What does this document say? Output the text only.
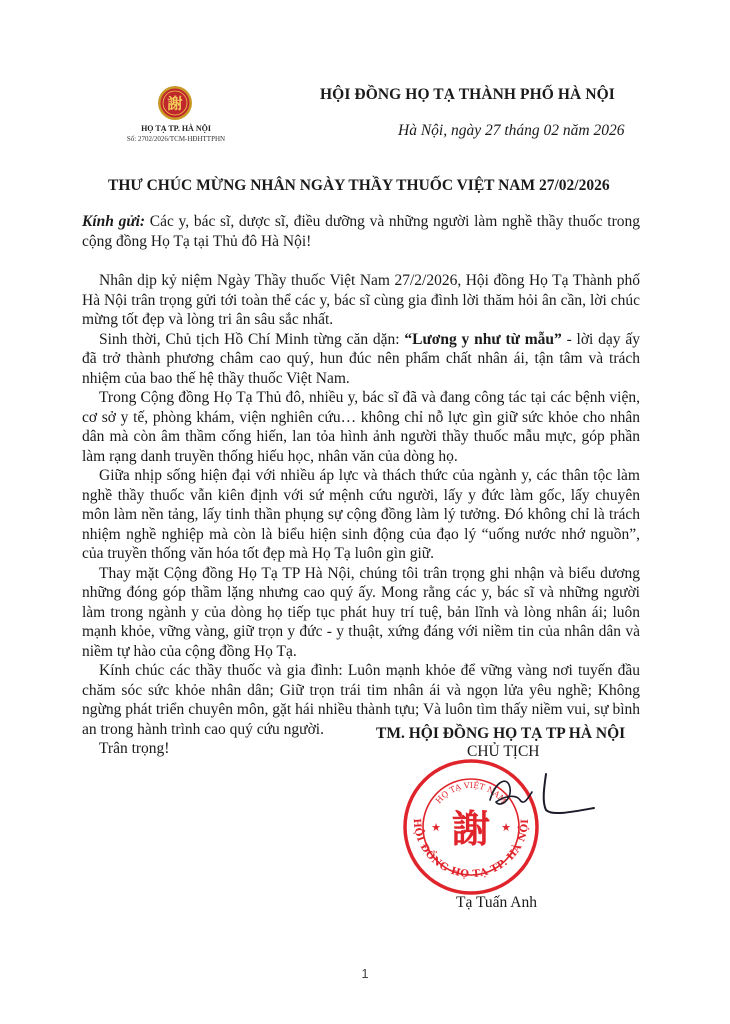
謝
HỌ TẠ TP. HÀ NỘI
Số: 2702/2026/TCM-HĐHTTPHN
HỘI ĐỒNG HỌ TẠ THÀNH PHỐ HÀ NỘI
Hà Nội, ngày 27 tháng 02 năm 2026
THƯ CHÚC MỪNG NHÂN NGÀY THẦY THUỐC VIỆT NAM 27/02/2026

Kính gửi: Các y, bác sĩ, dược sĩ, điều dưỡng và những người làm nghề thầy thuốc trong cộng đồng Họ Tạ tại Thủ đô Hà Nội!

Nhân dịp kỷ niệm Ngày Thầy thuốc Việt Nam 27/2/2026, Hội đồng Họ Tạ Thành phố Hà Nội trân trọng gửi tới toàn thể các y, bác sĩ cùng gia đình lời thăm hỏi ân cần, lời chúc mừng tốt đẹp và lòng tri ân sâu sắc nhất.

Sinh thời, Chủ tịch Hồ Chí Minh từng căn dặn: “Lương y như từ mẫu” - lời dạy ấy đã trở thành phương châm cao quý, hun đúc nên phẩm chất nhân ái, tận tâm và trách nhiệm của bao thế hệ thầy thuốc Việt Nam.

Trong Cộng đồng Họ Tạ Thủ đô, nhiều y, bác sĩ đã và đang công tác tại các bệnh viện, cơ sở y tế, phòng khám, viện nghiên cứu… không chỉ nỗ lực gìn giữ sức khỏe cho nhân dân mà còn âm thầm cống hiến, lan tỏa hình ảnh người thầy thuốc mẫu mực, góp phần làm rạng danh truyền thống hiếu học, nhân văn của dòng họ.

Giữa nhịp sống hiện đại với nhiều áp lực và thách thức của ngành y, các thân tộc làm nghề thầy thuốc vẫn kiên định với sứ mệnh cứu người, lấy y đức làm gốc, lấy chuyên môn làm nền tảng, lấy tinh thần phụng sự cộng đồng làm lý tưởng. Đó không chỉ là trách nhiệm nghề nghiệp mà còn là biểu hiện sinh động của đạo lý “uống nước nhớ nguồn”, của truyền thống văn hóa tốt đẹp mà Họ Tạ luôn gìn giữ.

Thay mặt Cộng đồng Họ Tạ TP Hà Nội, chúng tôi trân trọng ghi nhận và biểu dương những đóng góp thầm lặng nhưng cao quý ấy. Mong rằng các y, bác sĩ và những người làm trong ngành y của dòng họ tiếp tục phát huy trí tuệ, bản lĩnh và lòng nhân ái; luôn mạnh khỏe, vững vàng, giữ trọn y đức - y thuật, xứng đáng với niềm tin của nhân dân và niềm tự hào của cộng đồng Họ Tạ.

Kính chúc các thầy thuốc và gia đình: Luôn mạnh khỏe để vững vàng nơi tuyến đầu chăm sóc sức khỏe nhân dân; Giữ trọn trái tim nhân ái và ngọn lửa yêu nghề; Không ngừng phát triển chuyên môn, gặt hái nhiều thành tựu; Và luôn tìm thấy niềm vui, sự bình an trong hành trình cao quý cứu người.

Trân trọng!

TM. HỘI ĐỒNG HỌ TẠ TP HÀ NỘI
CHỦ TỊCH
HỘI ĐỒNG HỌ TẠ TP. HÀ NỘI
HỌ TẠ VIỆT NAM
謝
★	★
Tạ Tuấn Anh
1
